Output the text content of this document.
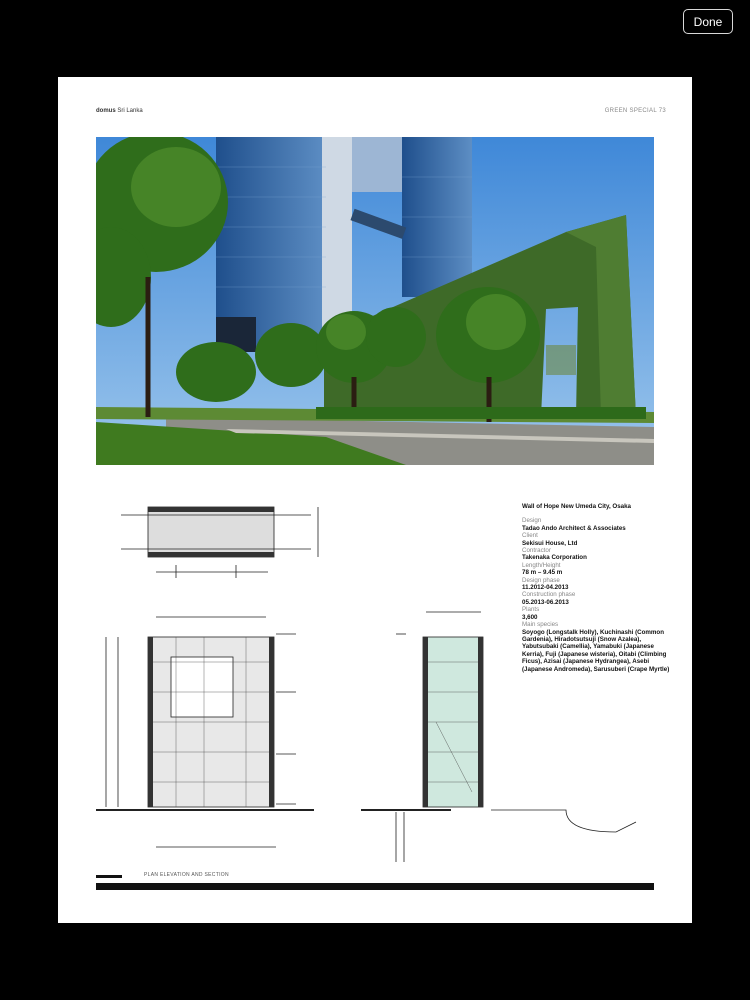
Done
domus Sri Lanka	GREEN SPECIAL 73
Wall of Hope New Umeda City, Osaka
Design
Tadao Ando Architect & Associates
Client
Sekisui House, Ltd
Contractor
Takenaka Corporation
Length/Height
78 m – 9.45 m
Design phase
11.2012-04.2013
Construction phase
05.2013-06.2013
Plants
3,600
Main species
Soyogo (Longstalk Holly), Kuchinashi (Common Gardenia), Hiradotsutsuji (Snow Azalea), Yabutsubaki (Camellia), Yamabuki (Japanese Kerria), Fuji (Japanese wisteria), Oitabi (Climbing Ficus), Azisai (Japanese Hydrangea), Asebi (Japanese Andromeda), Sarusuberi (Crape Myrtle)
PLAN ELEVATION AND SECTION
